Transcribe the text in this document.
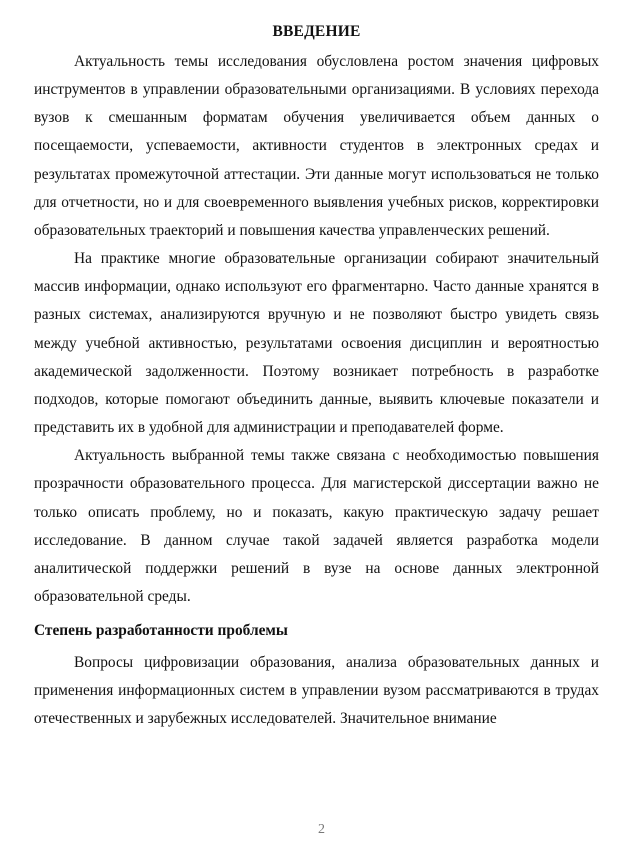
ВВЕДЕНИЕ

Актуальность темы исследования обусловлена ростом значения цифровых инструментов в управлении образовательными организациями. В условиях перехода вузов к смешанным форматам обучения увеличивается объем данных о посещаемости, успеваемости, активности студентов в электронных средах и результатах промежуточной аттестации. Эти данные могут использоваться не только для отчетности, но и для своевременного выявления учебных рисков, корректировки образовательных траекторий и повышения качества управленческих решений.

На практике многие образовательные организации собирают значительный массив информации, однако используют его фрагментарно. Часто данные хранятся в разных системах, анализируются вручную и не позволяют быстро увидеть связь между учебной активностью, результатами освоения дисциплин и вероятностью академической задолженности. Поэтому возникает потребность в разработке подходов, которые помогают объединить данные, выявить ключевые показатели и представить их в удобной для администрации и преподавателей форме.

Актуальность выбранной темы также связана с необходимостью повышения прозрачности образовательного процесса. Для магистерской диссертации важно не только описать проблему, но и показать, какую практическую задачу решает исследование. В данном случае такой задачей является разработка модели аналитической поддержки решений в вузе на основе данных электронной образовательной среды.

Степень разработанности проблемы

Вопросы цифровизации образования, анализа образовательных данных и применения информационных систем в управлении вузом рассматриваются в трудах отечественных и зарубежных исследователей. Значительное внимание

2
